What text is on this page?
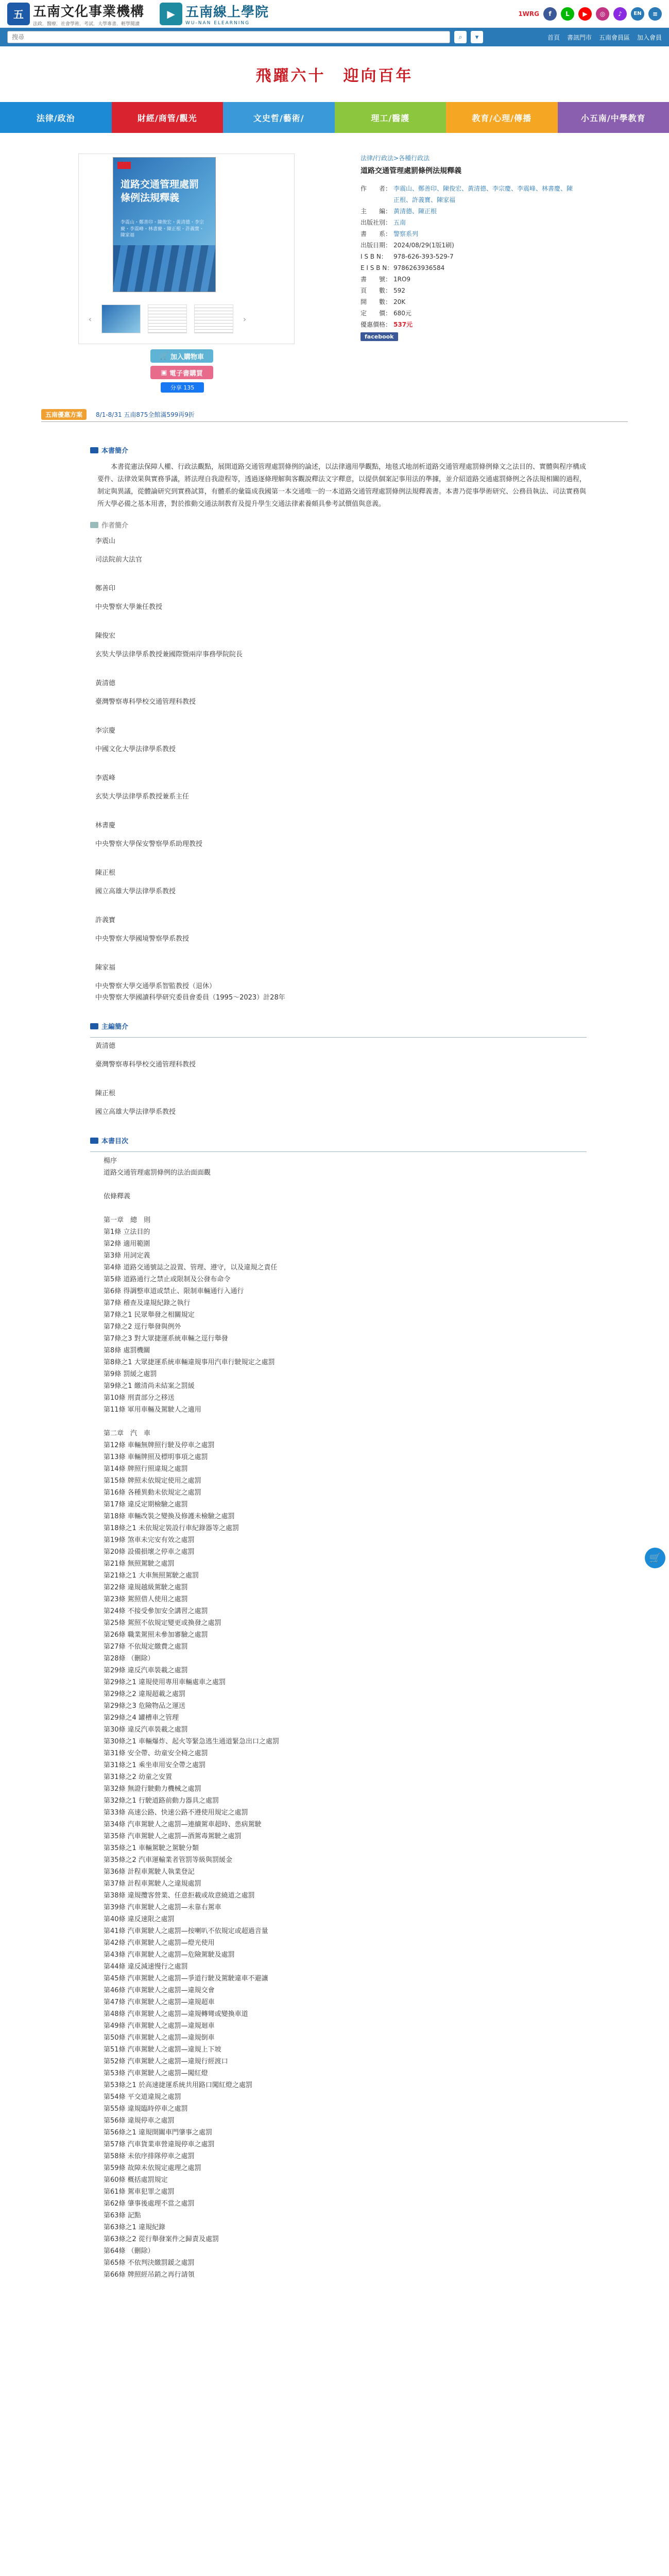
五 五南文化事業機構
法政．醫療．社會學術．考試．大學專書．輕學閱讀
▶ 五南線上學院
WU-NAN ELEARNING
1WRG	f	L	▶	◎	♪	EN	≡
搜尋
⌕	▾	首頁 書訊門市 五南會員區 加入會員
飛躍六十　迎向百年
法律/政治	財經/商管/觀光	文史哲/藝術/	理工/醫護	教育/心理/傳播	小五南/中學教育
道路交通管理處罰條例法規釋義
李震山・鄭善印・陳俊宏・黃清德・李宗慶・李震峰・林書慶・陳正根・許義寶・陳家福
‹	›
🛒 加入購物車
▣ 電子書購買
分享 135
法律/行政法>各種行政法
道路交通管理處罰條例法規釋義
作　　者： 李震山、鄭善印、陳俊宏、黃清德、李宗慶、李震峰、林書慶、陳正根、許義寶、陳家福
主　　編： 黃清德、陳正根
出版社別： 五南
書　　系： 警察系列
出版日期： 2024/08/29(1版1刷)
I S B N：	978-626-393-529-7
E I S B N： 9786263936584
書　　號： 1RO9
頁　　數： 592
開　　數： 20K
定　　價： 680元
優惠價格： 537元
facebook
五南優惠方案	8/1-8/31 五南875全館滿599再9折
本書簡介
本書從憲法保障人權、行政法觀點，展開道路交通管理處罰條例的論述，以法律適用學觀點，地毯式地剖析道路交通管理處罰條例條文之法目的、實體與程序構成要件、法律效果與實務爭議，將法理自我證程等，透過逐條理解與客觀說釋法文字釋意，以提供個案記事用法的準據，並介紹道路交通處罰條例之各法規相關的過程，制定與異議，從體論研究到實務試算，有體系的彙篇成我國第一本交通唯一的一本道路交通管理處罰條例法規釋義書。本書乃從事學術研究、公務員執法、司法實務與所大學必備之基本用書，對於推動交通法制教育及提升學生交通法律素養頗具參考試價值與意義。
作者簡介
李震山
司法院前大法官
鄭善印
中央警察大學兼任教授
陳俊宏
玄奘大學法律學系教授兼國際暨兩岸事務學院院長
黃清德
臺灣警察專科學校交通管理科教授
李宗慶
中國文化大學法律學系教授
李震峰
玄奘大學法律學系教授兼系主任
林書慶
中央警察大學保安警察學系助理教授
陳正根
國立高雄大學法律學系教授
許義寶
中央警察大學國境警察學系教授
陳家福
中央警察大學交通學系智監教授（退休）
中央警察大學國讀科學研究委員會委員（1995～2023）計28年
主編簡介
黃清德
臺灣警察專科學校交通管理科教授
陳正根
國立高雄大學法律學系教授
本書目次
楊序
道路交通管理處罰條例的法治面面觀
依條釋義
第一章　總　則
第1條 立法目的
第2條 適用範圍
第3條 用詞定義
第4條 道路交通號誌之設置、管理、遵守，以及違規之責任
第5條 道路通行之禁止或限制及公發布命令
第6條 得調整車道或禁止、限制車輛通行入通行
第7條 稽查及違規紀錄之執行
第7條之1 民眾舉發之相關規定
第7條之2 逕行舉發與例外
第7條之3 對大眾捷運系統車輛之逕行舉發
第8條 處罰機關
第8條之1 大眾捷運系統車輛違規事用汽車行駛規定之處罰
第9條 罰緩之處罰
第9條之1 繳清尚未結案之罰緩
第10條 刑責部分之移送
第11條 軍用車輛及駕駛人之適用
第二章　汽　車
第12條 車輛無牌照行駛及停車之處罰
第13條 車輛牌照及標明事項之處罰
第14條 牌照行照違規之處罰
第15條 牌照未依規定使用之處罰
第16條 各種異動未依規定之處罰
第17條 違反定期檢驗之處罰
第18條 車輛改裝之變換及修護未檢驗之處罰
第18條之1 未依規定裝設行車紀錄器等之處罰
第19條 煞車未完安有效之處罰
第20條 設備損壞之停車之處罰
第21條 無照駕駛之處罰
第21條之1 大車無照駕駛之處罰
第22條 違規越級駕駛之處罰
第23條 駕照借人使用之處罰
第24條 不接受參加安全講習之處罰
第25條 駕照不依規定變更或換發之處罰
第26條 職業駕照未參加審驗之處罰
第27條 不依規定繳費之處罰
第28條 （刪除）
第29條 違反汽車裝載之處罰
第29條之1 違規使用專用車輛處車之處罰
第29條之2 違規超載之處罰
第29條之3 危險物品之運送
第29條之4 罐槽車之管理
第30條 違反汽車裝載之處罰
第30條之1 車輛爆炸、起火等緊急逃生通道緊急出口之處罰
第31條 安全帶、幼童安全椅之處罰
第31條之1 乘坐車用安全帶之處罰
第31條之2 幼童之安置
第32條 無證行駛動力機械之處罰
第32條之1 行駛道路前動力器具之處罰
第33條 高速公路、快速公路不遵使用規定之處罰
第34條 汽車駕駛人之處罰—連續駕車超時、患病駕駛
第35條 汽車駕駛人之處罰—酒駕毒駕駛之處罰
第35條之1 車輛駕駛之駕駛分類
第35條之2 汽車運輸業者管罰等級與罰緩金
第36條 計程車駕駛人執業登記
第37條 計程車駕駛人之違規處罰
第38條 違規攬客營業、任意拒載或故意繞道之處罰
第39條 汽車駕駛人之處罰—未靠右駕車
第40條 違反速限之處罰
第41條 汽車駕駛人之處罰—按喇叭不依規定或超過音量
第42條 汽車駕駛人之處罰—燈光使用
第43條 汽車駕駛人之處罰—危險駕駛及處罰
第44條 違反減速慢行之處罰
第45條 汽車駕駛人之處罰—爭道行駛及駕駛違車不避讓
第46條 汽車駕駛人之處罰—違規交會
第47條 汽車駕駛人之處罰—違規超車
第48條 汽車駕駛人之處罰—違規轉彎或變換車道
第49條 汽車駕駛人之處罰—違規迴車
第50條 汽車駕駛人之處罰—違規倒車
第51條 汽車駕駛人之處罰—違規上下坡
第52條 汽車駕駛人之處罰—違規行經渡口
第53條 汽車駕駛人之處罰—闖紅燈
第53條之1 於高速捷運系統共用路口闖紅燈之處罰
第54條 平交道違規之處罰
第55條 違規臨時停車之處罰
第56條 違規停車之處罰
第56條之1 違規開關車門肇事之處罰
第57條 汽車貨業車營違規停車之處罰
第58條 未依序排隊停車之處罰
第59條 故障未依規定處理之處罰
第60條 概括處罰規定
第61條 駕車犯罪之處罰
第62條 肇事後處理不當之處罰
第63條 記點
第63條之1 違規紀錄
第63條之2 從行舉發案件之歸責及處罰
第64條 （刪除）
第65條 不依判決繳罰鍰之處罰
第66條 牌照經吊銷之再行請領
🛒
